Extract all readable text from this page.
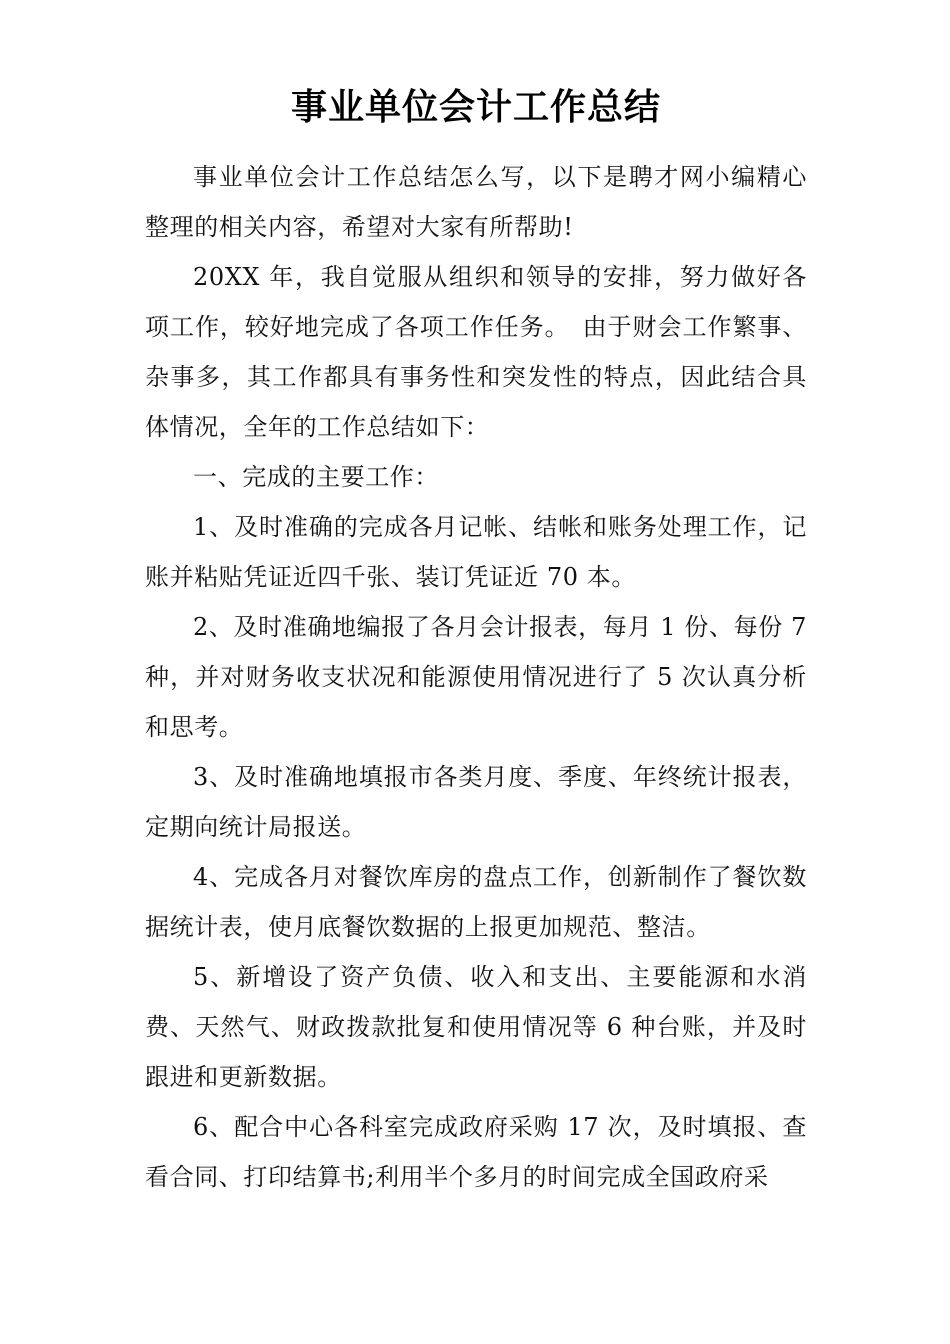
事业单位会计工作总结

事业单位会计工作总结怎么写，以下是聘才网小编精心整理的相关内容，希望对大家有所帮助!

20XX 年，我自觉服从组织和领导的安排，努力做好各项工作，较好地完成了各项工作任务。　由于财会工作繁事、杂事多，其工作都具有事务性和突发性的特点，因此结合具体情况，全年的工作总结如下：

一、完成的主要工作：

1、及时准确的完成各月记帐、结帐和账务处理工作，记账并粘贴凭证近四千张、装订凭证近 70 本。

2、及时准确地编报了各月会计报表，每月 1 份、每份 7 种，并对财务收支状况和能源使用情况进行了 5 次认真分析和思考。

3、及时准确地填报市各类月度、季度、年终统计报表，定期向统计局报送。

4、完成各月对餐饮库房的盘点工作，创新制作了餐饮数据统计表，使月底餐饮数据的上报更加规范、整洁。

5、新增设了资产负债、收入和支出、主要能源和水消费、天然气、财政拨款批复和使用情况等 6 种台账，并及时跟进和更新数据。

6、配合中心各科室完成政府采购 17 次，及时填报、查看合同、打印结算书;利用半个多月的时间完成全国政府采
